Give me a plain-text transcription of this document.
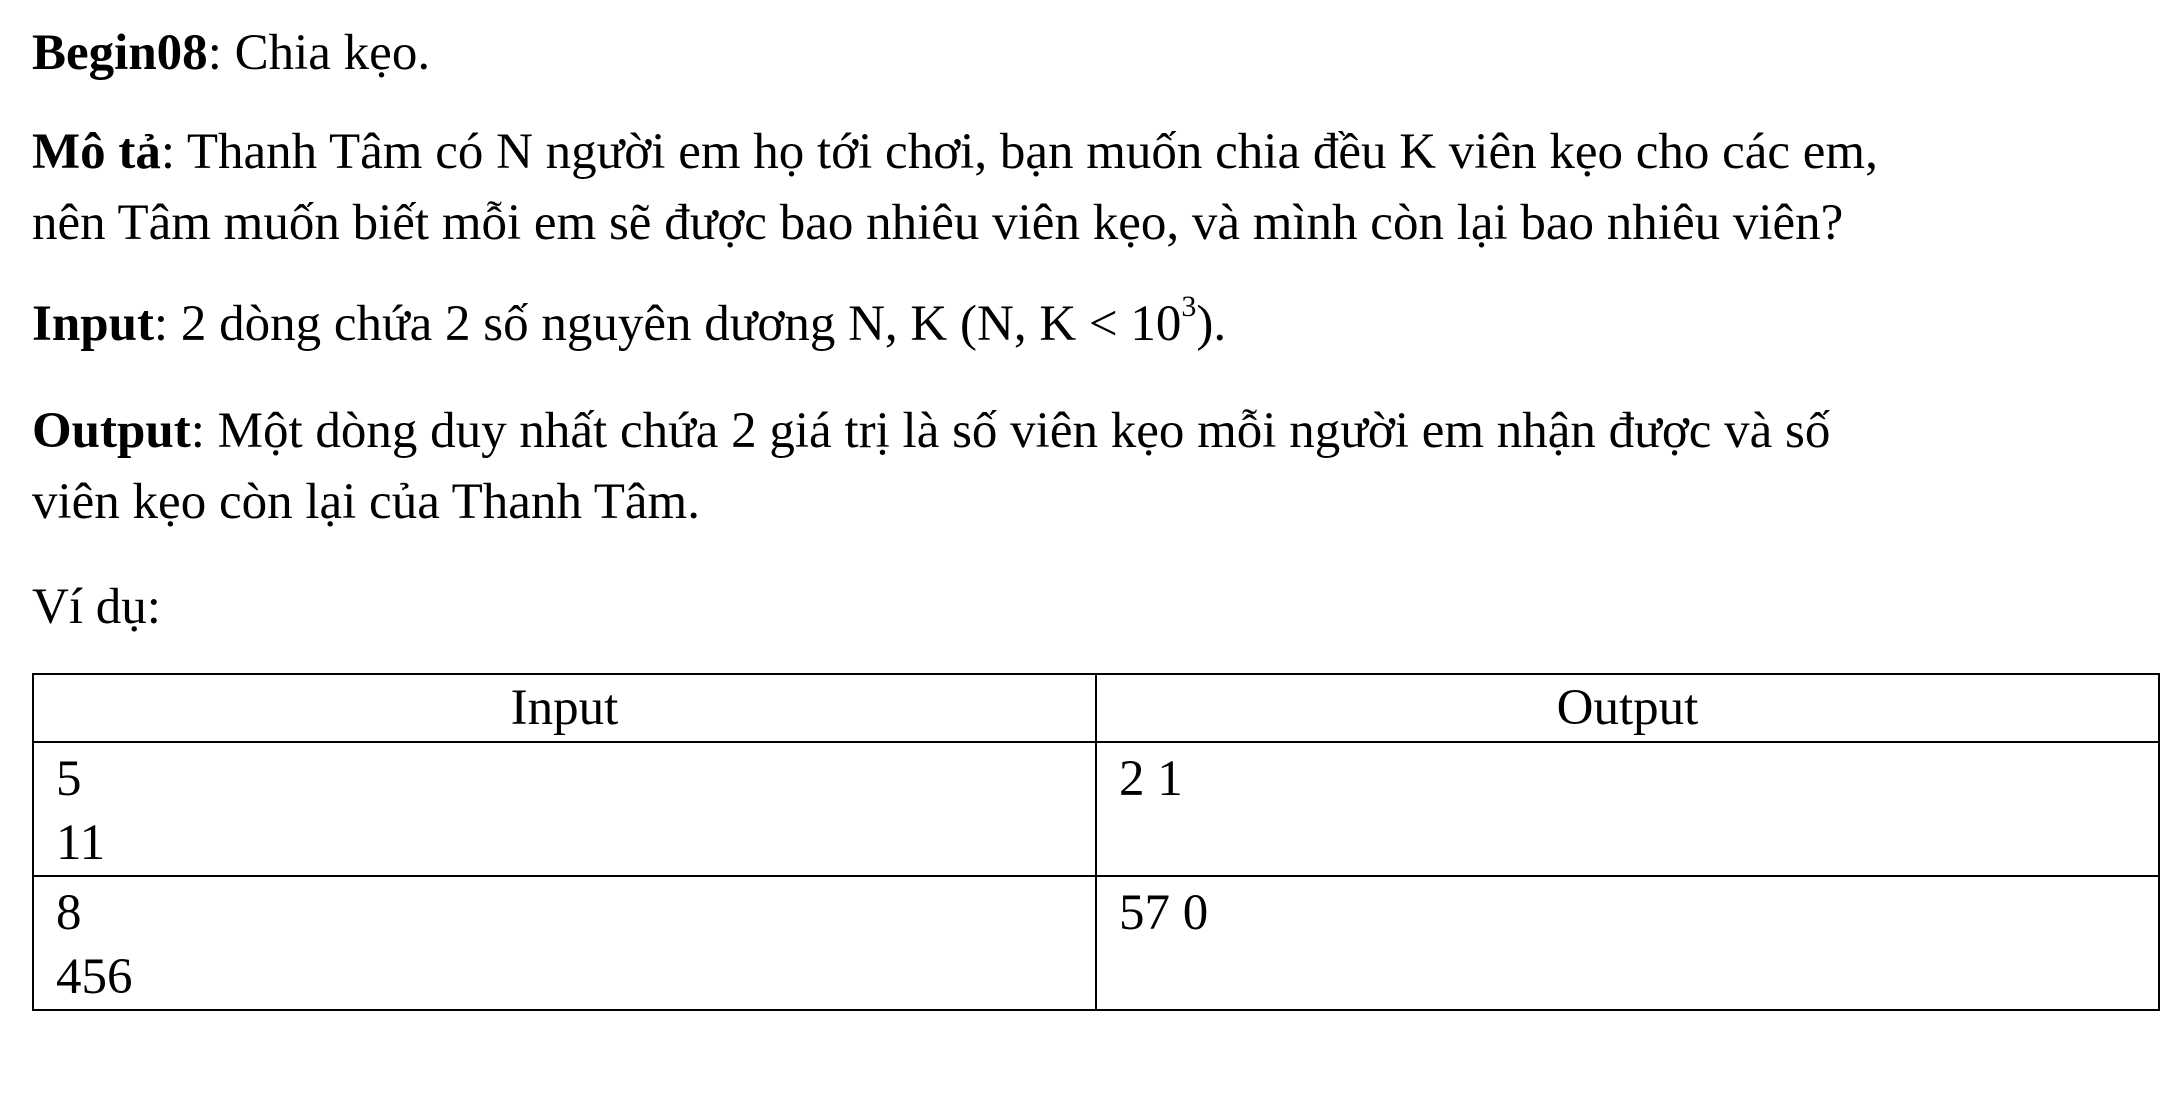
Begin08: Chia kẹo.

Mô tả: Thanh Tâm có N người em họ tới chơi, bạn muốn chia đều K viên kẹo cho các em,
nên Tâm muốn biết mỗi em sẽ được bao nhiêu viên kẹo, và mình còn lại bao nhiêu viên?

Input: 2 dòng chứa 2 số nguyên dương N, K (N, $K < 10^3$).

Output: Một dòng duy nhất chứa 2 giá trị là số viên kẹo mỗi người em nhận được và số
viên kẹo còn lại của Thanh Tâm.

Ví dụ:

Input	Output

5
11	2 1

8
456	57 0
